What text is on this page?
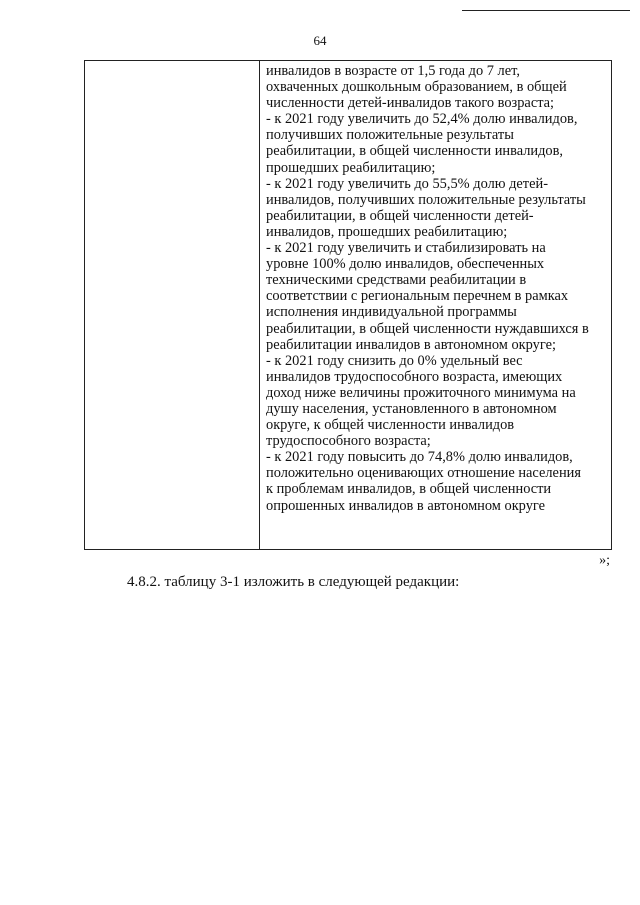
64
инвалидов в возрасте от 1,5 года до 7 лет,
охваченных дошкольным образованием, в общей
численности детей-инвалидов такого возраста;
- к 2021 году увеличить до 52,4% долю инвалидов,
получивших положительные результаты
реабилитации, в общей численности инвалидов,
прошедших реабилитацию;
- к 2021 году увеличить до 55,5% долю детей-
инвалидов, получивших положительные результаты
реабилитации, в общей численности детей-
инвалидов, прошедших реабилитацию;
- к 2021 году увеличить и стабилизировать на
уровне 100% долю инвалидов, обеспеченных
техническими средствами реабилитации в
соответствии с региональным перечнем в рамках
исполнения индивидуальной программы
реабилитации, в общей численности нуждавшихся в
реабилитации инвалидов в автономном округе;
- к 2021 году снизить до 0% удельный вес
инвалидов трудоспособного возраста, имеющих
доход ниже величины прожиточного минимума на
душу населения, установленного в автономном
округе, к общей численности инвалидов
трудоспособного возраста;
- к 2021 году повысить до 74,8% долю инвалидов,
положительно оценивающих отношение населения
к проблемам инвалидов, в общей численности
опрошенных инвалидов в автономном округе
»;
4.8.2. таблицу 3-1 изложить в следующей редакции:
